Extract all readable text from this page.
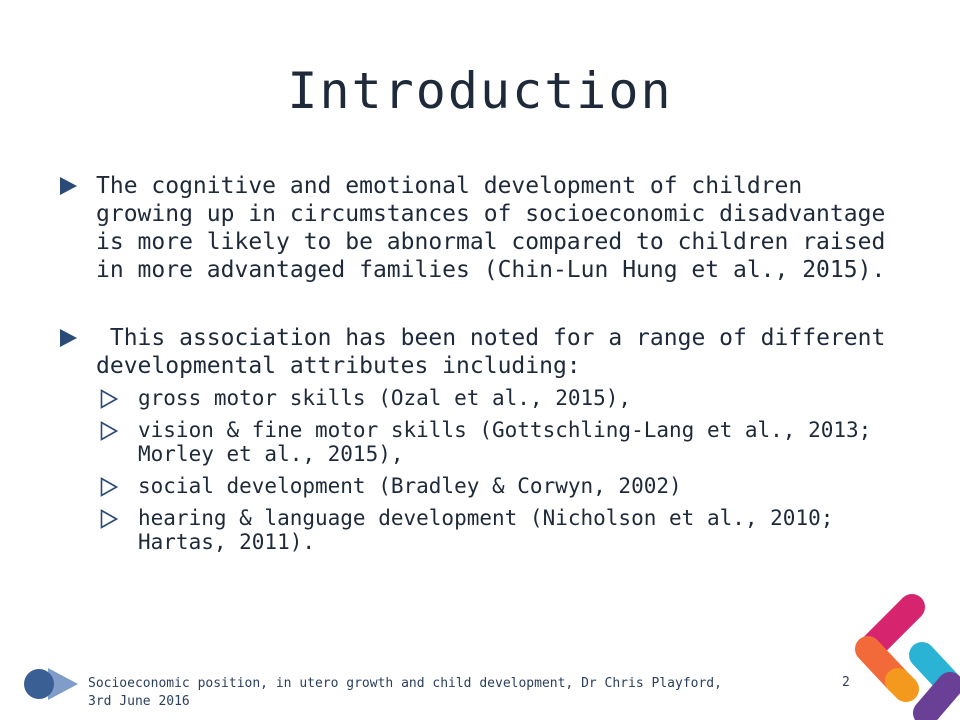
Introduction
The cognitive and emotional development of children growing up in circumstances of socioeconomic disadvantage is more likely to be abnormal compared to children raised in more advantaged families (Chin-Lun Hung et al., 2015).
This association has been noted for a range of different developmental attributes including:
gross motor skills (Ozal et al., 2015),
vision & fine motor skills (Gottschling-Lang et al., 2013; Morley et al., 2015),
social development (Bradley & Corwyn, 2002)
hearing & language development (Nicholson et al., 2010; Hartas, 2011).
Socioeconomic position, in utero growth and child development, Dr Chris Playford, 3rd June 2016
2
